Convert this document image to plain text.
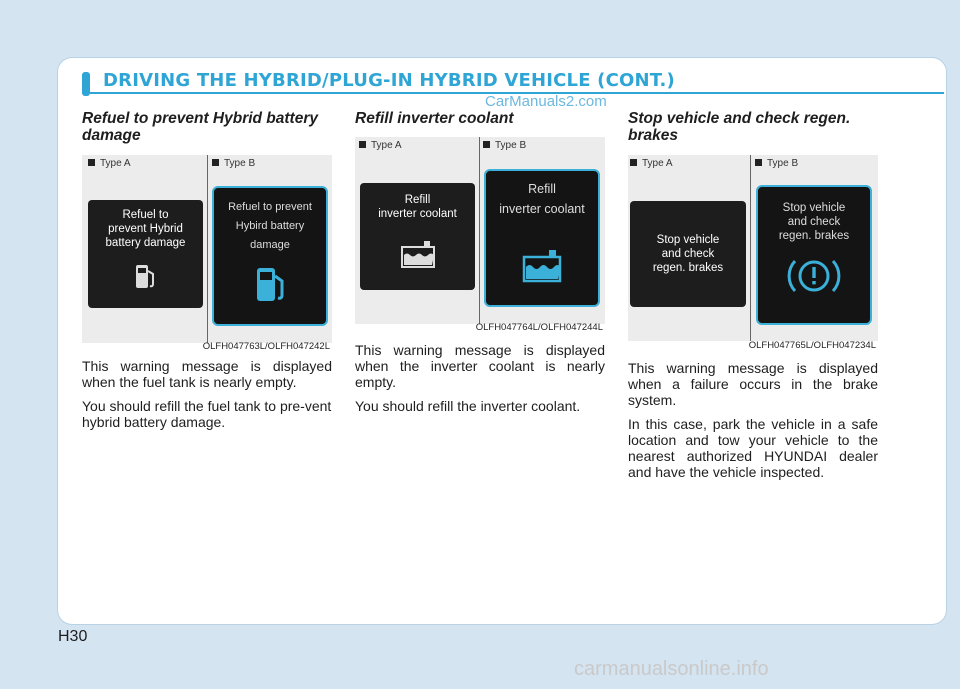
DRIVING THE HYBRID/PLUG-IN HYBRID VEHICLE (CONT.)
CarManuals2.com
Refuel to prevent Hybrid battery damage
Type A	Type B
Refuel to
prevent Hybrid
battery damage
Refuel to prevent
Hybird battery
damage
OLFH047763L/OLFH047242L

This warning message is displayed when the fuel tank is nearly empty.

You should refill the fuel tank to pre-vent hybrid battery damage.

Refill inverter coolant
Type A	Type B
Refill
inverter coolant
Refill
inverter coolant
OLFH047764L/OLFH047244L

This warning message is displayed when the inverter coolant is nearly empty.

You should refill the inverter coolant.

Stop vehicle and check regen. brakes
Type A	Type B
Stop vehicle
and check
regen. brakes
Stop vehicle
and check
regen. brakes
OLFH047765L/OLFH047234L

This warning message is displayed when a failure occurs in the brake system.

In this case, park the vehicle in a safe location and tow your vehicle to the nearest authorized HYUNDAI dealer and have the vehicle inspected.

H30
carmanualsonline.info
